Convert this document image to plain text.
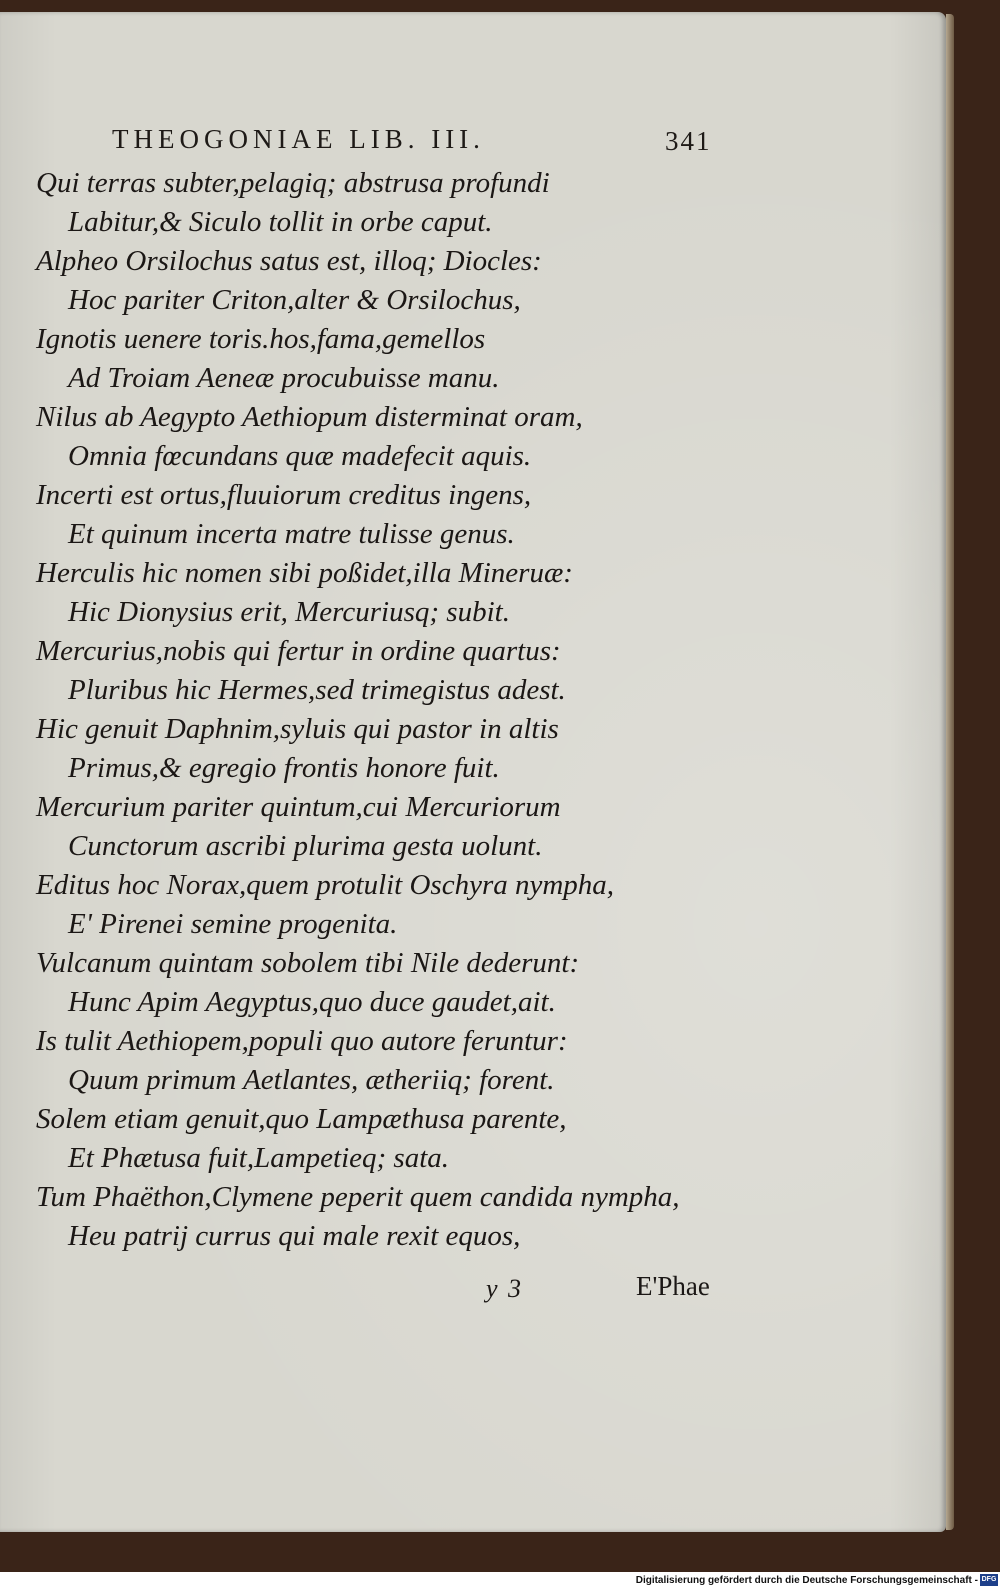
THEOGONIAE LIB. III.	341
Qui terras subter,pelagiq; abstrusa profundi
Labitur,& Siculo tollit in orbe caput.
Alpheo Orsilochus satus est, illoq; Diocles:
Hoc pariter Criton,alter & Orsilochus,
Ignotis uenere toris.hos,fama,gemellos
Ad Troiam Aeneæ procubuisse manu.
Nilus ab Aegypto Aethiopum disterminat oram,
Omnia fœcundans quæ madefecit aquis.
Incerti est ortus,fluuiorum creditus ingens,
Et quinum incerta matre tulisse genus.
Herculis hic nomen sibi poßidet,illa Mineruæ:
Hic Dionysius erit, Mercuriusq; subit.
Mercurius,nobis qui fertur in ordine quartus:
Pluribus hic Hermes,sed trimegistus adest.
Hic genuit Daphnim,syluis qui pastor in altis
Primus,& egregio frontis honore fuit.
Mercurium pariter quintum,cui Mercuriorum
Cunctorum ascribi plurima gesta uolunt.
Editus hoc Norax,quem protulit Oschyra nympha,
E' Pirenei semine progenita.
Vulcanum quintam sobolem tibi Nile dederunt:
Hunc Apim Aegyptus,quo duce gaudet,ait.
Is tulit Aethiopem,populi quo autore feruntur:
Quum primum Aetlantes, ætheriiq; forent.
Solem etiam genuit,quo Lampæthusa parente,
Et Phætusa fuit,Lampetieq; sata.
Tum Phaëthon,Clymene peperit quem candida nympha,
Heu patrij currus qui male rexit equos,
y 3	E'Phae
Digitalisierung gefördert durch die Deutsche Forschungsgemeinschaft - DFG
